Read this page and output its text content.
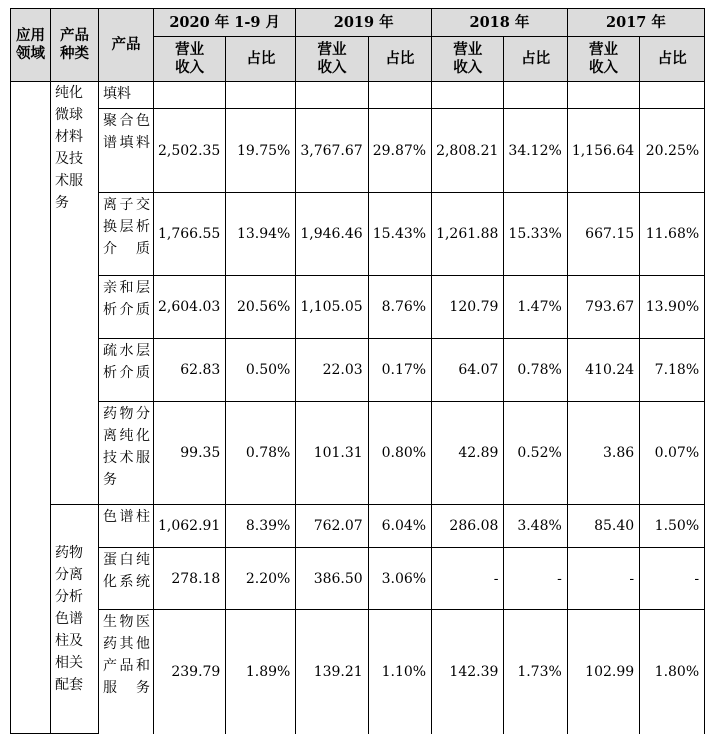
应用领域	产品种类	产品	2020 年 1-9 月		2019 年		2018 年		2017 年	
			营业收入	占比	营业收入	占比	营业收入	占比	营业收入	占比
	纯化微球材料及技术服务	填料								
		聚合色谱填料	2,502.35	19.75%	3,767.67	29.87%	2,808.21	34.12%	1,156.64	20.25%
		离子交换层析介质	1,766.55	13.94%	1,946.46	15.43%	1,261.88	15.33%	667.15	11.68%
		亲和层析介质	2,604.03	20.56%	1,105.05	8.76%	120.79	1.47%	793.67	13.90%
		疏水层析介质	62.83	0.50%	22.03	0.17%	64.07	0.78%	410.24	7.18%
		药物分离纯化技术服务	99.35	0.78%	101.31	0.80%	42.89	0.52%	3.86	0.07%
	药物分离分析色谱柱及相关配套	色谱柱	1,062.91	8.39%	762.07	6.04%	286.08	3.48%	85.40	1.50%
		蛋白纯化系统	278.18	2.20%	386.50	3.06%	-	-	-	-
		生物医药其他产品和服务	239.79	1.89%	139.21	1.10%	142.39	1.73%	102.99	1.80%
